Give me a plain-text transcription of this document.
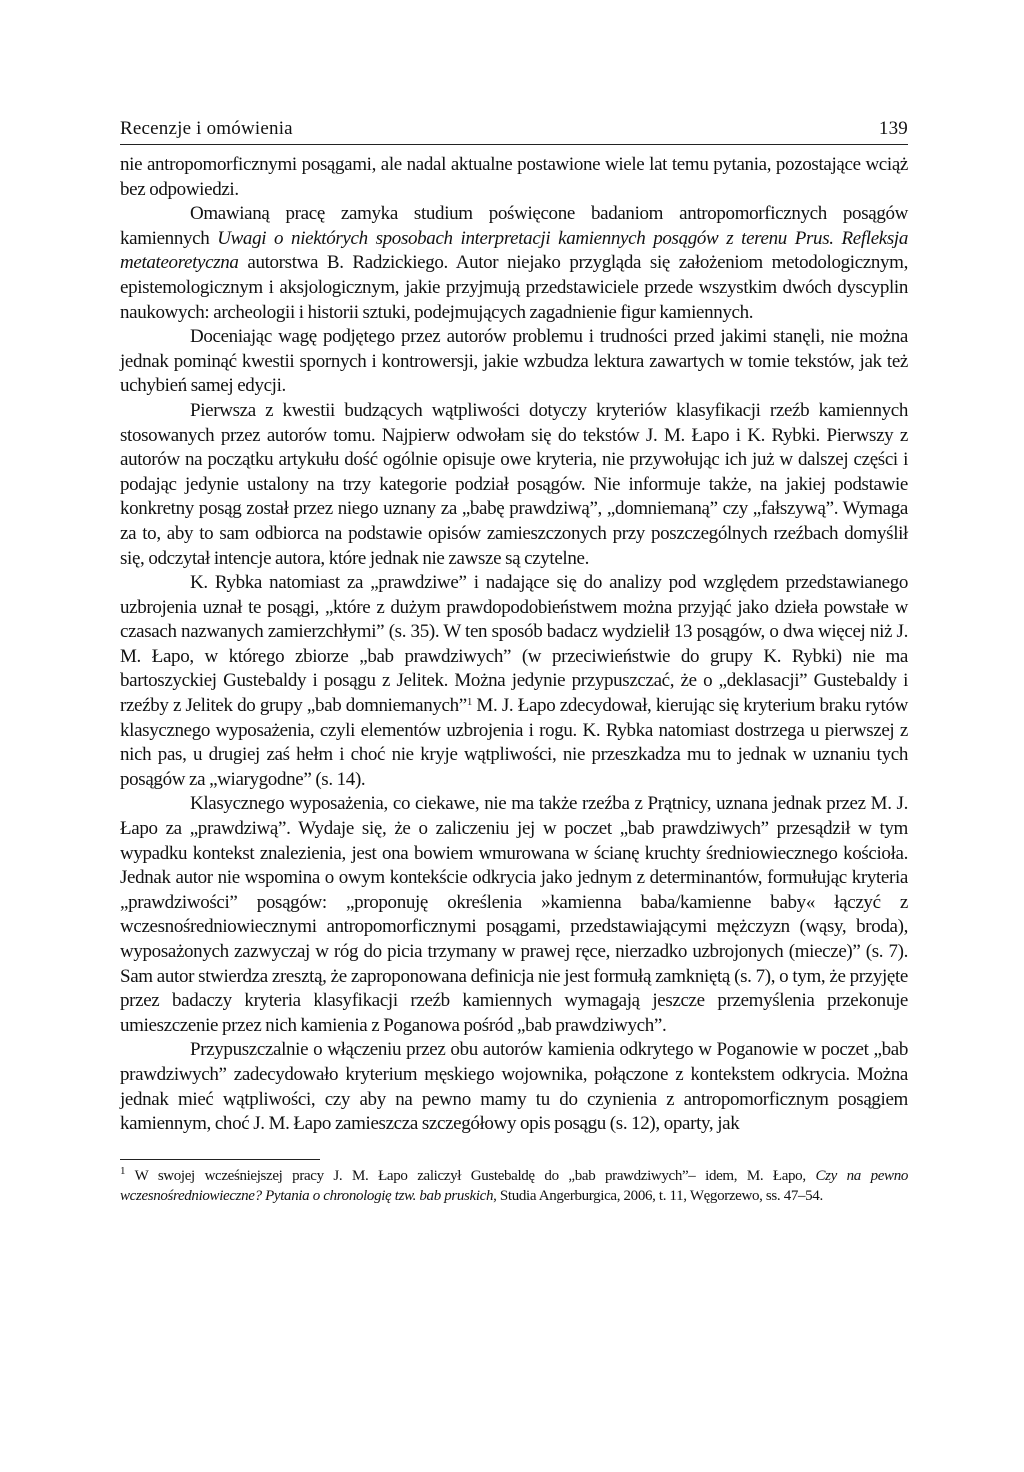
Recenzje i omówienia	139

nie antropomorficznymi posągami, ale nadal aktualne postawione wiele lat temu pytania, pozostające wciąż bez odpowiedzi.

Omawianą pracę zamyka studium poświęcone badaniom antropomorficznych posągów kamiennych Uwagi o niektórych sposobach interpretacji kamiennych posągów z terenu Prus. Refleksja metateoretyczna autorstwa B. Radzickiego. Autor niejako przygląda się założeniom metodologicznym, epistemologicznym i aksjologicznym, jakie przyjmują przedstawiciele przede wszystkim dwóch dyscyplin naukowych: archeologii i historii sztuki, podejmujących zagadnienie figur kamiennych.

Doceniając wagę podjętego przez autorów problemu i trudności przed jakimi stanęli, nie można jednak pominąć kwestii spornych i kontrowersji, jakie wzbudza lektura zawartych w tomie tekstów, jak też uchybień samej edycji.

Pierwsza z kwestii budzących wątpliwości dotyczy kryteriów klasyfikacji rzeźb kamiennych stosowanych przez autorów tomu. Najpierw odwołam się do tekstów J. M. Łapo i K. Rybki. Pierwszy z autorów na początku artykułu dość ogólnie opisuje owe kryteria, nie przywołując ich już w dalszej części i podając jedynie ustalony na trzy kategorie podział posągów. Nie informuje także, na jakiej podstawie konkretny posąg został przez niego uznany za „babę prawdziwą”, „domniemaną” czy „fałszywą”. Wymaga za to, aby to sam odbiorca na podstawie opisów zamieszczonych przy poszczególnych rzeźbach domyślił się, odczytał intencje autora, które jednak nie zawsze są czytelne.

K. Rybka natomiast za „prawdziwe” i nadające się do analizy pod względem przedstawianego uzbrojenia uznał te posągi, „które z dużym prawdopodobieństwem można przyjąć jako dzieła powstałe w czasach nazwanych zamierzchłymi” (s. 35). W ten sposób badacz wydzielił 13 posągów, o dwa więcej niż J. M. Łapo, w którego zbiorze „bab prawdziwych” (w przeciwieństwie do grupy K. Rybki) nie ma bartoszyckiej Gustebaldy i posągu z Jelitek. Można jedynie przypuszczać, że o „deklasacji” Gustebaldy i rzeźby z Jelitek do grupy „bab domniemanych”$^1$ M. J. Łapo zdecydował, kierując się kryterium braku rytów klasycznego wyposażenia, czyli elementów uzbrojenia i rogu. K. Rybka natomiast dostrzega u pierwszej z nich pas, u drugiej zaś hełm i choć nie kryje wątpliwości, nie przeszkadza mu to jednak w uznaniu tych posągów za „wiarygodne” (s. 14).

Klasycznego wyposażenia, co ciekawe, nie ma także rzeźba z Prątnicy, uznana jednak przez M. J. Łapo za „prawdziwą”. Wydaje się, że o zaliczeniu jej w poczet „bab prawdziwych” przesądził w tym wypadku kontekst znalezienia, jest ona bowiem wmurowana w ścianę kruchty średniowiecznego kościoła. Jednak autor nie wspomina o owym kontekście odkrycia jako jednym z determinantów, formułując kryteria „prawdziwości” posągów: „proponuję określenia »kamienna baba/kamienne baby« łączyć z wczesnośredniowiecznymi antropomorficznymi posągami, przedstawiającymi mężczyzn (wąsy, broda), wyposażonych zazwyczaj w róg do picia trzymany w prawej ręce, nierzadko uzbrojonych (miecze)” (s. 7). Sam autor stwierdza zresztą, że zaproponowana definicja nie jest formułą zamkniętą (s. 7), o tym, że przyjęte przez badaczy kryteria klasyfikacji rzeźb kamiennych wymagają jeszcze przemyślenia przekonuje umieszczenie przez nich kamienia z Poganowa pośród „bab prawdziwych”.

Przypuszczalnie o włączeniu przez obu autorów kamienia odkrytego w Poganowie w poczet „bab prawdziwych” zadecydowało kryterium męskiego wojownika, połączone z kontekstem odkrycia. Można jednak mieć wątpliwości, czy aby na pewno mamy tu do czynienia z antropomorficznym posągiem kamiennym, choć J. M. Łapo zamieszcza szczegółowy opis posągu (s. 12), oparty, jak

$^1$ W swojej wcześniejszej pracy J. M. Łapo zaliczył Gustebaldę do „bab prawdziwych”– idem, M. Łapo, Czy na pewno wczesnośredniowieczne? Pytania o chronologię tzw. bab pruskich, Studia Angerburgica, 2006, t. 11, Węgorzewo, ss. 47–54.
